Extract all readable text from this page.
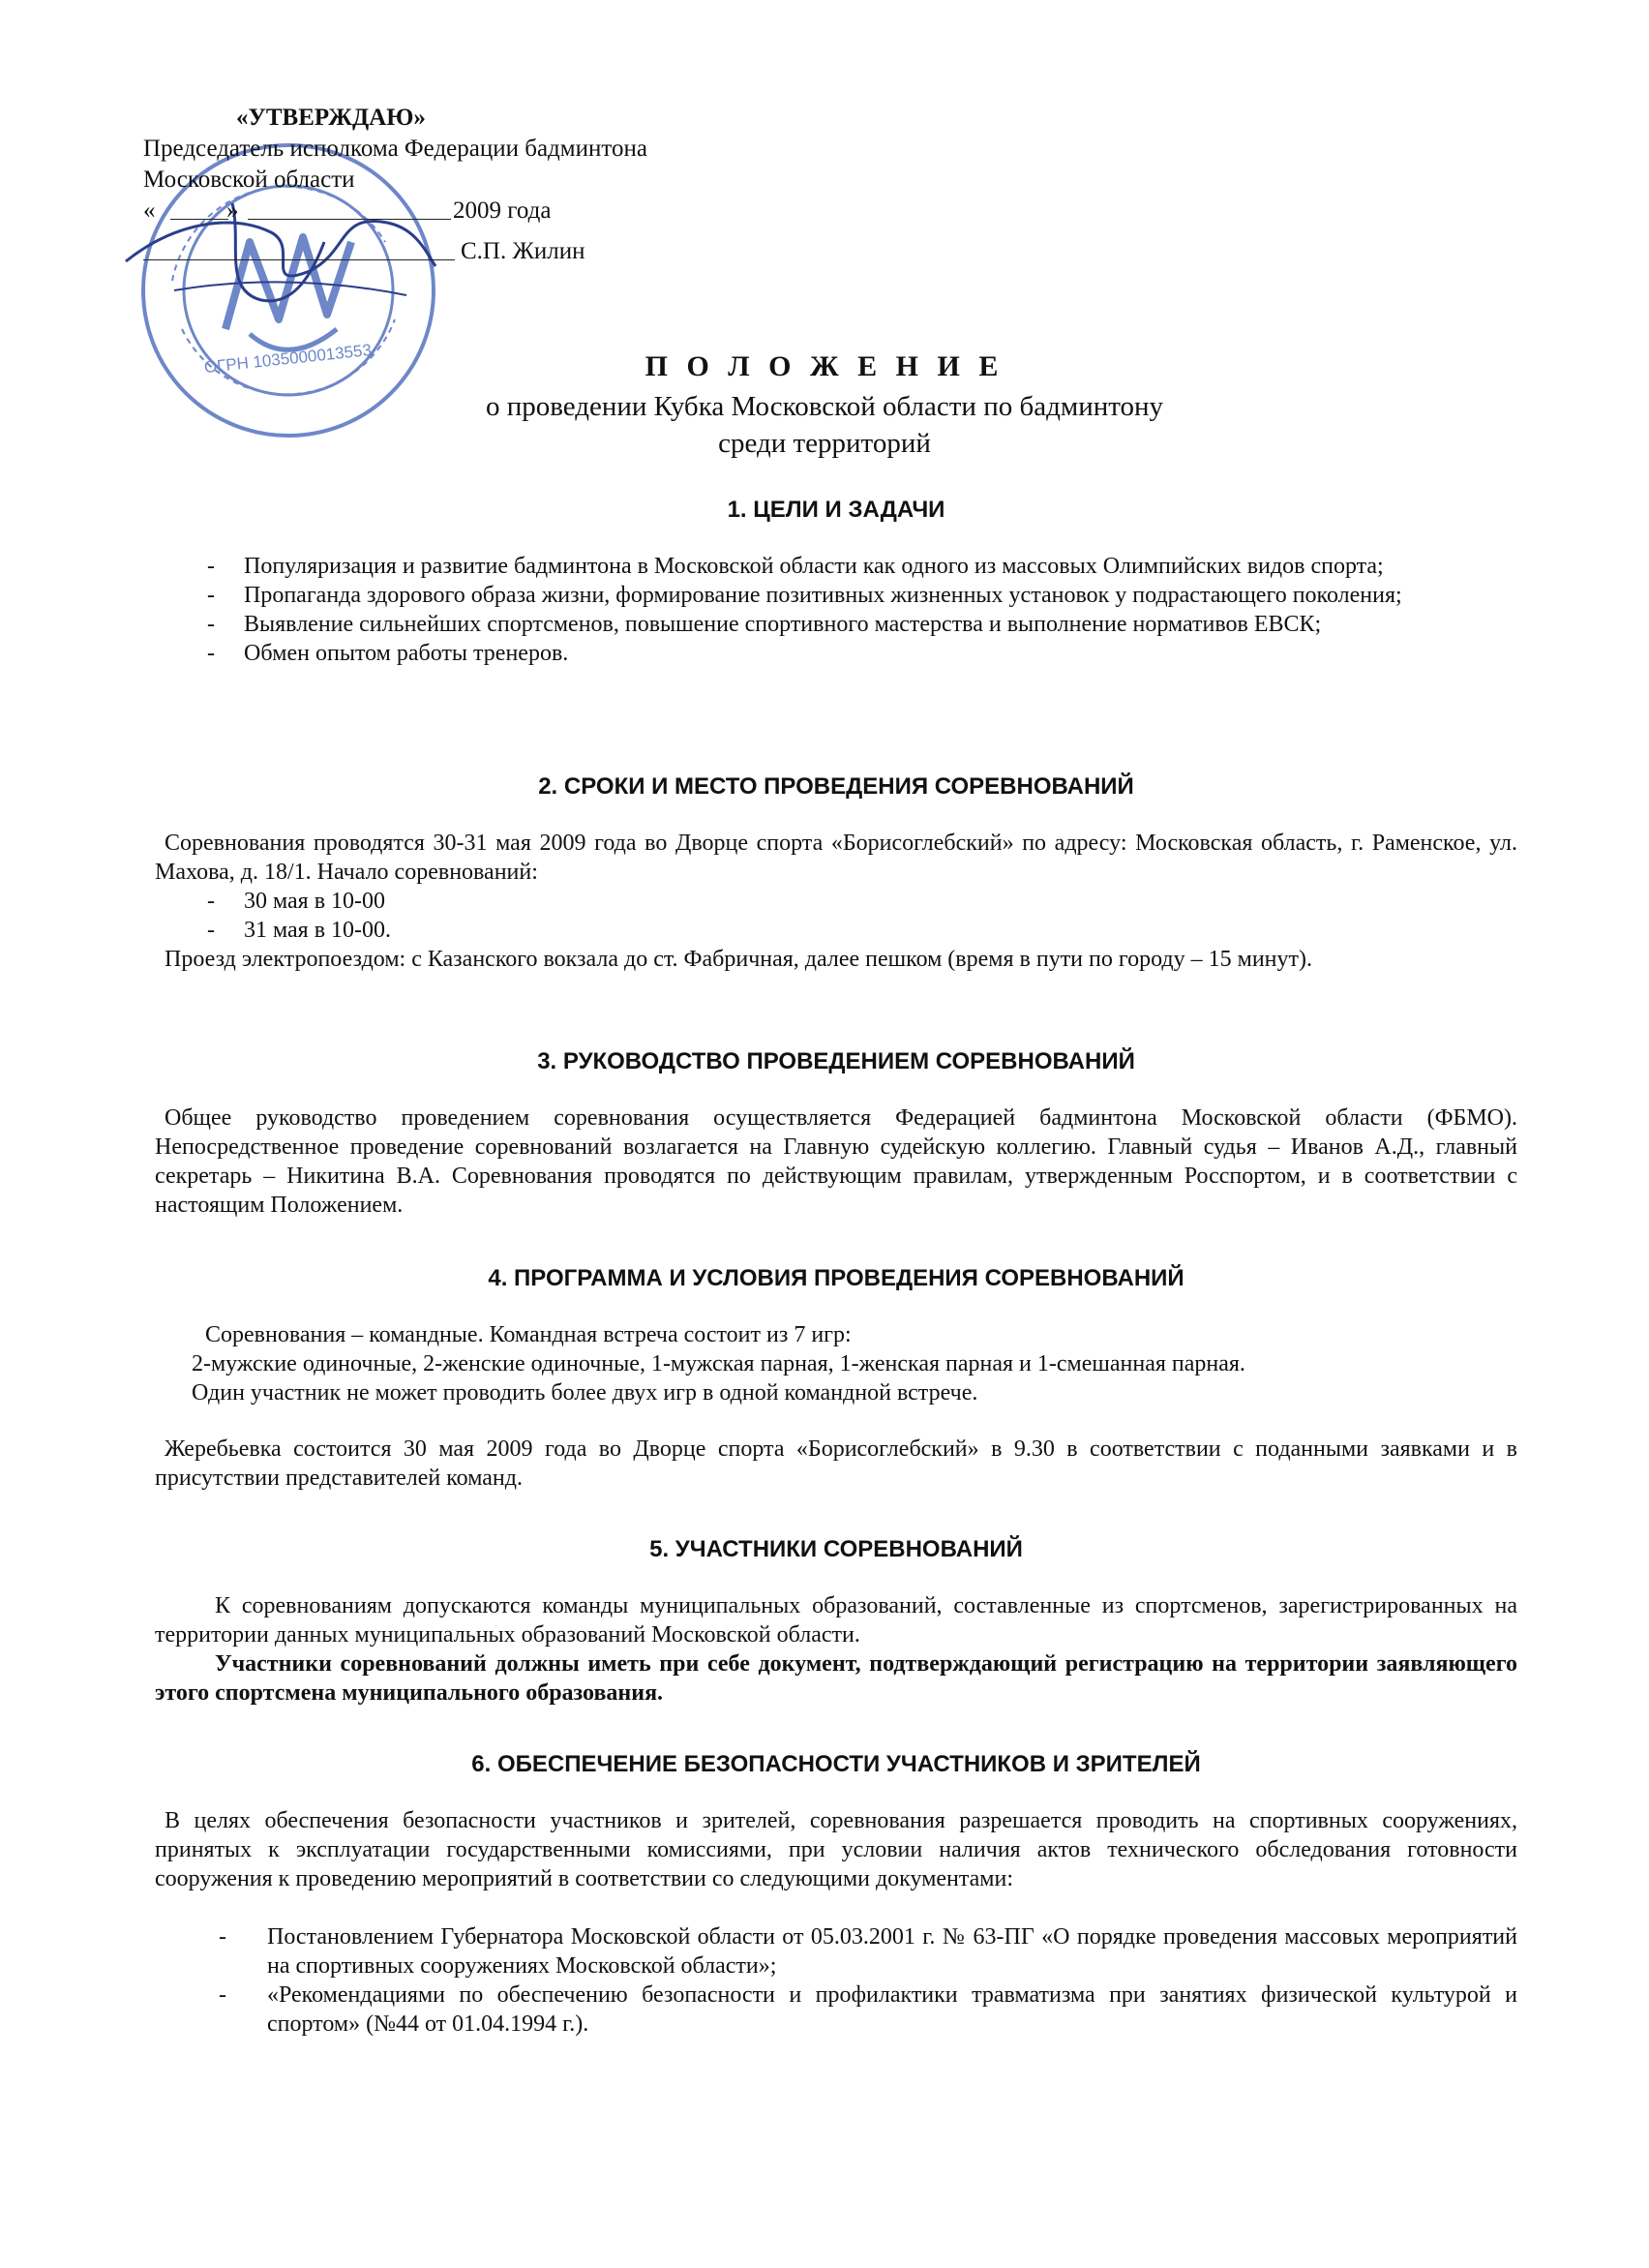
ОГРН 1035000013553
«УТВЕРЖДАЮ»
Председатель исполкома Федерации бадминтона
Московской области
«	»	2009 года
С.П. Жилин
П О Л О Ж Е Н И Е
о проведении Кубка Московской области по бадминтону
среди территорий
1. ЦЕЛИ И ЗАДАЧИ
- Популяризация и развитие бадминтона в Московской области как одного из массовых Олимпийских видов спорта;
- Пропаганда здорового образа жизни, формирование позитивных жизненных установок у подрастающего поколения;
- Выявление сильнейших спортсменов, повышение спортивного мастерства и выполнение нормативов ЕВСК;
- Обмен опытом работы тренеров.
2. СРОКИ И МЕСТО ПРОВЕДЕНИЯ СОРЕВНОВАНИЙ
Соревнования проводятся 30-31 мая 2009 года во Дворце спорта «Борисоглебский» по адресу: Московская область, г. Раменское, ул. Махова, д. 18/1. Начало соревнований:
- 30 мая в 10-00
- 31 мая в 10-00.
Проезд электропоездом: с Казанского вокзала до ст. Фабричная, далее пешком (время в пути по городу – 15 минут).
3. РУКОВОДСТВО ПРОВЕДЕНИЕМ СОРЕВНОВАНИЙ
Общее руководство проведением соревнования осуществляется Федерацией бадминтона Московской области (ФБМО). Непосредственное проведение соревнований возлагается на Главную судейскую коллегию. Главный судья – Иванов А.Д., главный секретарь – Никитина В.А. Соревнования проводятся по действующим правилам, утвержденным Росспортом, и в соответствии с настоящим Положением.
4. ПРОГРАММА И УСЛОВИЯ ПРОВЕДЕНИЯ СОРЕВНОВАНИЙ
Соревнования – командные. Командная встреча состоит из 7 игр:
2-мужские одиночные, 2-женские одиночные, 1-мужская парная, 1-женская парная и 1-смешанная парная.
Один участник не может проводить более двух игр в одной командной встрече.
Жеребьевка состоится 30 мая 2009 года во Дворце спорта «Борисоглебский» в 9.30 в соответствии с поданными заявками и в присутствии представителей команд.
5. УЧАСТНИКИ СОРЕВНОВАНИЙ
К соревнованиям допускаются команды муниципальных образований, составленные из спортсменов, зарегистрированных на территории данных муниципальных образований Московской области.
Участники соревнований должны иметь при себе документ, подтверждающий регистрацию на территории заявляющего этого спортсмена муниципального образования.
6. ОБЕСПЕЧЕНИЕ БЕЗОПАСНОСТИ УЧАСТНИКОВ И ЗРИТЕЛЕЙ
В целях обеспечения безопасности участников и зрителей, соревнования разрешается проводить на спортивных сооружениях, принятых к эксплуатации государственными комиссиями, при условии наличия актов технического обследования готовности сооружения к проведению мероприятий в соответствии со следующими документами:
- Постановлением Губернатора Московской области от 05.03.2001 г. № 63-ПГ «О порядке проведения массовых мероприятий на спортивных сооружениях Московской области»;
- «Рекомендациями по обеспечению безопасности и профилактики травматизма при занятиях физической культурой и спортом» (№44 от 01.04.1994 г.).
